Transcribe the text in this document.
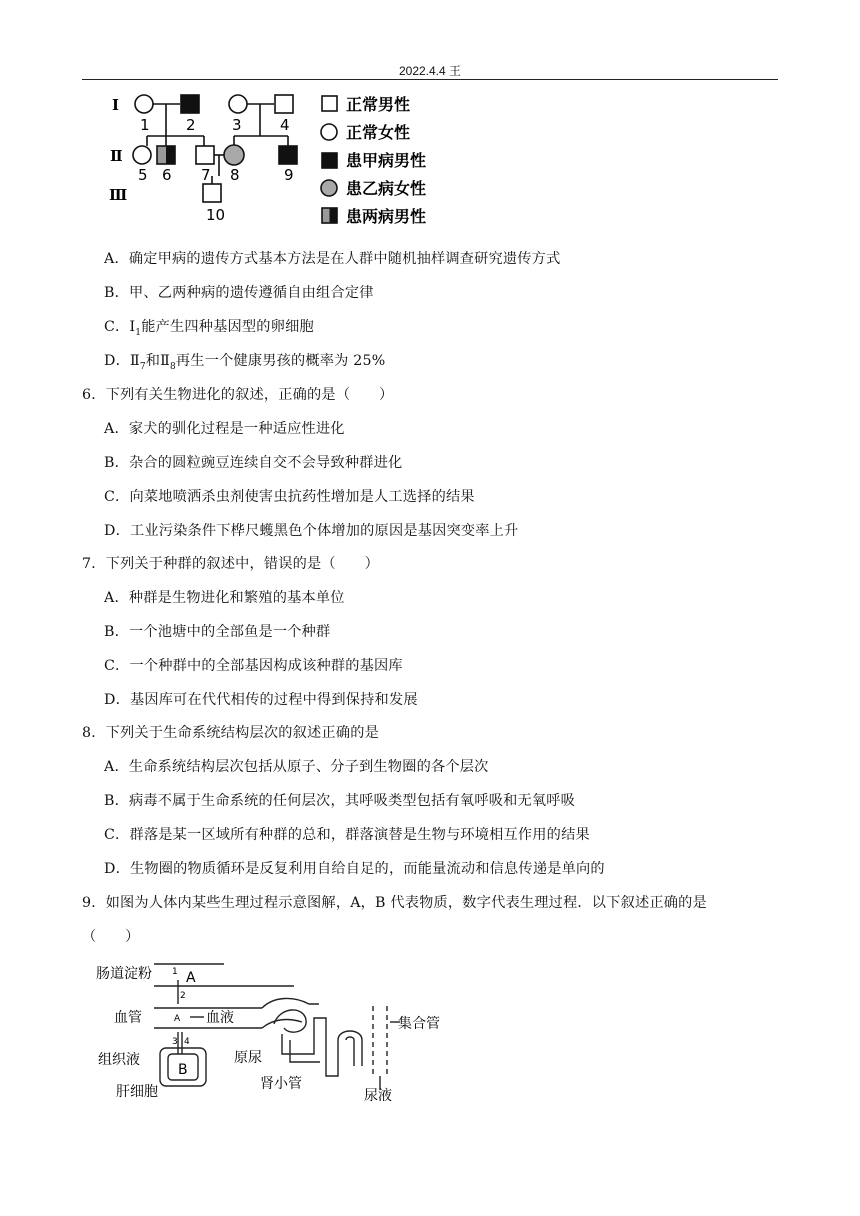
2022.4.4 王
Ⅰ
Ⅱ
Ⅲ
1 2 3	4
5 6 7 8	9
10
正常男性
正常女性
患甲病男性
患乙病女性
患两病男性
A．确定甲病的遗传方式基本方法是在人群中随机抽样调查研究遗传方式
B．甲、乙两种病的遗传遵循自由组合定律
C．$Ⅰ_1$能产生四种基因型的卵细胞
D．$Ⅱ_7$和$Ⅱ_8$再生一个健康男孩的概率为 25%
6．下列有关生物进化的叙述，正确的是（　　）
A．家犬的驯化过程是一种适应性进化
B．杂合的圆粒豌豆连续自交不会导致种群进化
C．向菜地喷洒杀虫剂使害虫抗药性增加是人工选择的结果
D．工业污染条件下桦尺蠖黑色个体增加的原因是基因突变率上升
7．下列关于种群的叙述中，错误的是（　　）
A．种群是生物进化和繁殖的基本单位
B．一个池塘中的全部鱼是一个种群
C．一个种群中的全部基因构成该种群的基因库
D．基因库可在代代相传的过程中得到保持和发展
8．下列关于生命系统结构层次的叙述正确的是
A．生命系统结构层次包括从原子、分子到生物圈的各个层次
B．病毒不属于生命系统的任何层次，其呼吸类型包括有氧呼吸和无氧呼吸
C．群落是某一区域所有种群的总和，群落演替是生物与环境相互作用的结果
D．生物圈的物质循环是反复利用自给自足的，而能量流动和信息传递是单向的
9．如图为人体内某些生理过程示意图解，A，B 代表物质，数字代表生理过程．以下叙述正确的是
（　　）
肠道淀粉
血管	血液
组织液
肝细胞
原尿
肾小管
集合管
尿液
A
A
B
1
2
3 4
